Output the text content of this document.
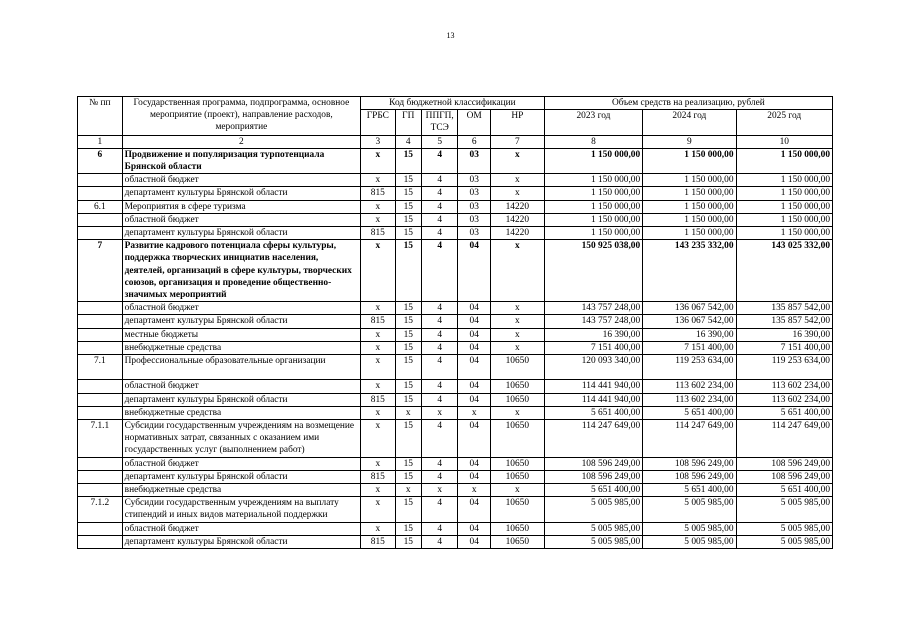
13
№ пп	Государственная программа, подпрограмма, основное мероприятие (проект), направление расходов, мероприятие	Код бюджетной классификации					Объем средств на реализацию, рублей		
		ГРБС	ГП	ППГП, ТСЭ	ОМ	НР	2023 год	2024 год	2025 год
1	2	3	4	5	6	7	8	9	10
6	Продвижение и популяризация турпотенциала Брянской области	х	15	4	03	х	1 150 000,00	1 150 000,00	1 150 000,00
	областной бюджет	х	15	4	03	х	1 150 000,00	1 150 000,00	1 150 000,00
	департамент культуры Брянской области	815	15	4	03	х	1 150 000,00	1 150 000,00	1 150 000,00
6.1	Мероприятия в сфере туризма	х	15	4	03	14220	1 150 000,00	1 150 000,00	1 150 000,00
	областной бюджет	х	15	4	03	14220	1 150 000,00	1 150 000,00	1 150 000,00
	департамент культуры Брянской области	815	15	4	03	14220	1 150 000,00	1 150 000,00	1 150 000,00
7	Развитие кадрового потенциала сферы культуры, поддержка творческих инициатив населения, деятелей, организаций в сфере культуры, творческих союзов, организация и проведение общественно-значимых мероприятий	х	15	4	04	х	150 925 038,00	143 235 332,00	143 025 332,00
	областной бюджет	х	15	4	04	х	143 757 248,00	136 067 542,00	135 857 542,00
	департамент культуры Брянской области	815	15	4	04	х	143 757 248,00	136 067 542,00	135 857 542,00
	местные бюджеты	х	15	4	04	х	16 390,00	16 390,00	16 390,00
	внебюджетные средства	х	15	4	04	х	7 151 400,00	7 151 400,00	7 151 400,00
7.1	Профессиональные образовательные организации	х	15	4	04	10650	120 093 340,00	119 253 634,00	119 253 634,00
	областной бюджет	х	15	4	04	10650	114 441 940,00	113 602 234,00	113 602 234,00
	департамент культуры Брянской области	815	15	4	04	10650	114 441 940,00	113 602 234,00	113 602 234,00
	внебюджетные средства	х	х	х	х	х	5 651 400,00	5 651 400,00	5 651 400,00
7.1.1	Субсидии государственным учреждениям на возмещение нормативных затрат, связанных с оказанием ими государственных услуг (выполнением работ)	х	15	4	04	10650	114 247 649,00	114 247 649,00	114 247 649,00
	областной бюджет	х	15	4	04	10650	108 596 249,00	108 596 249,00	108 596 249,00
	департамент культуры Брянской области	815	15	4	04	10650	108 596 249,00	108 596 249,00	108 596 249,00
	внебюджетные средства	х	х	х	х	х	5 651 400,00	5 651 400,00	5 651 400,00
7.1.2	Субсидии государственным учреждениям на выплату стипендий и иных видов материальной поддержки	х	15	4	04	10650	5 005 985,00	5 005 985,00	5 005 985,00
	областной бюджет	х	15	4	04	10650	5 005 985,00	5 005 985,00	5 005 985,00
	департамент культуры Брянской области	815	15	4	04	10650	5 005 985,00	5 005 985,00	5 005 985,00
